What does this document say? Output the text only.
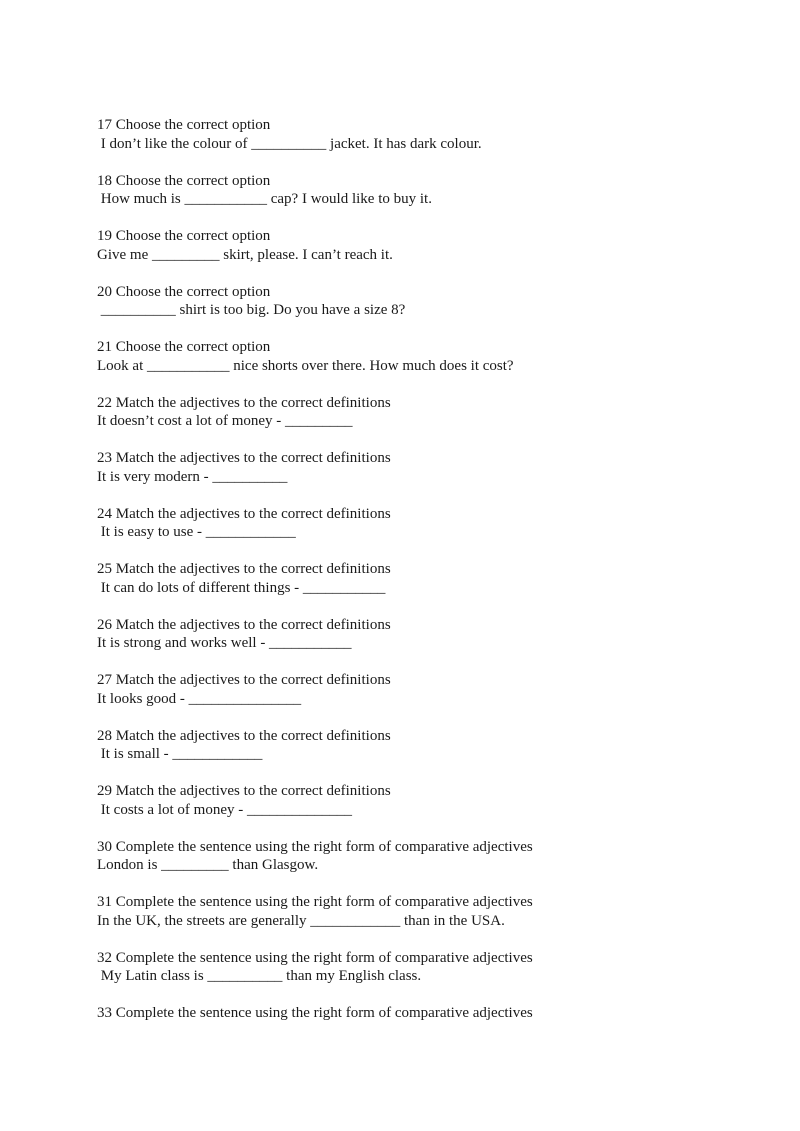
17 Choose the correct option
I don’t like the colour of __________ jacket. It has dark colour.
18 Choose the correct option
How much is ___________ cap? I would like to buy it.
19 Choose the correct option
Give me _________ skirt, please. I can’t reach it.
20 Choose the correct option
__________ shirt is too big. Do you have a size 8?
21 Choose the correct option
Look at ___________ nice shorts over there. How much does it cost?
22 Match the adjectives to the correct definitions
It doesn’t cost a lot of money - _________
23 Match the adjectives to the correct definitions
It is very modern - __________
24 Match the adjectives to the correct definitions
It is easy to use - ____________
25 Match the adjectives to the correct definitions
It can do lots of different things - ___________
26 Match the adjectives to the correct definitions
It is strong and works well - ___________
27 Match the adjectives to the correct definitions
It looks good - _______________
28 Match the adjectives to the correct definitions
It is small - ____________
29 Match the adjectives to the correct definitions
It costs a lot of money - ______________
30 Complete the sentence using the right form of comparative adjectives
London is _________ than Glasgow.
31 Complete the sentence using the right form of comparative adjectives
In the UK, the streets are generally ____________ than in the USA.
32 Complete the sentence using the right form of comparative adjectives
My Latin class is __________ than my English class.
33 Complete the sentence using the right form of comparative adjectives
